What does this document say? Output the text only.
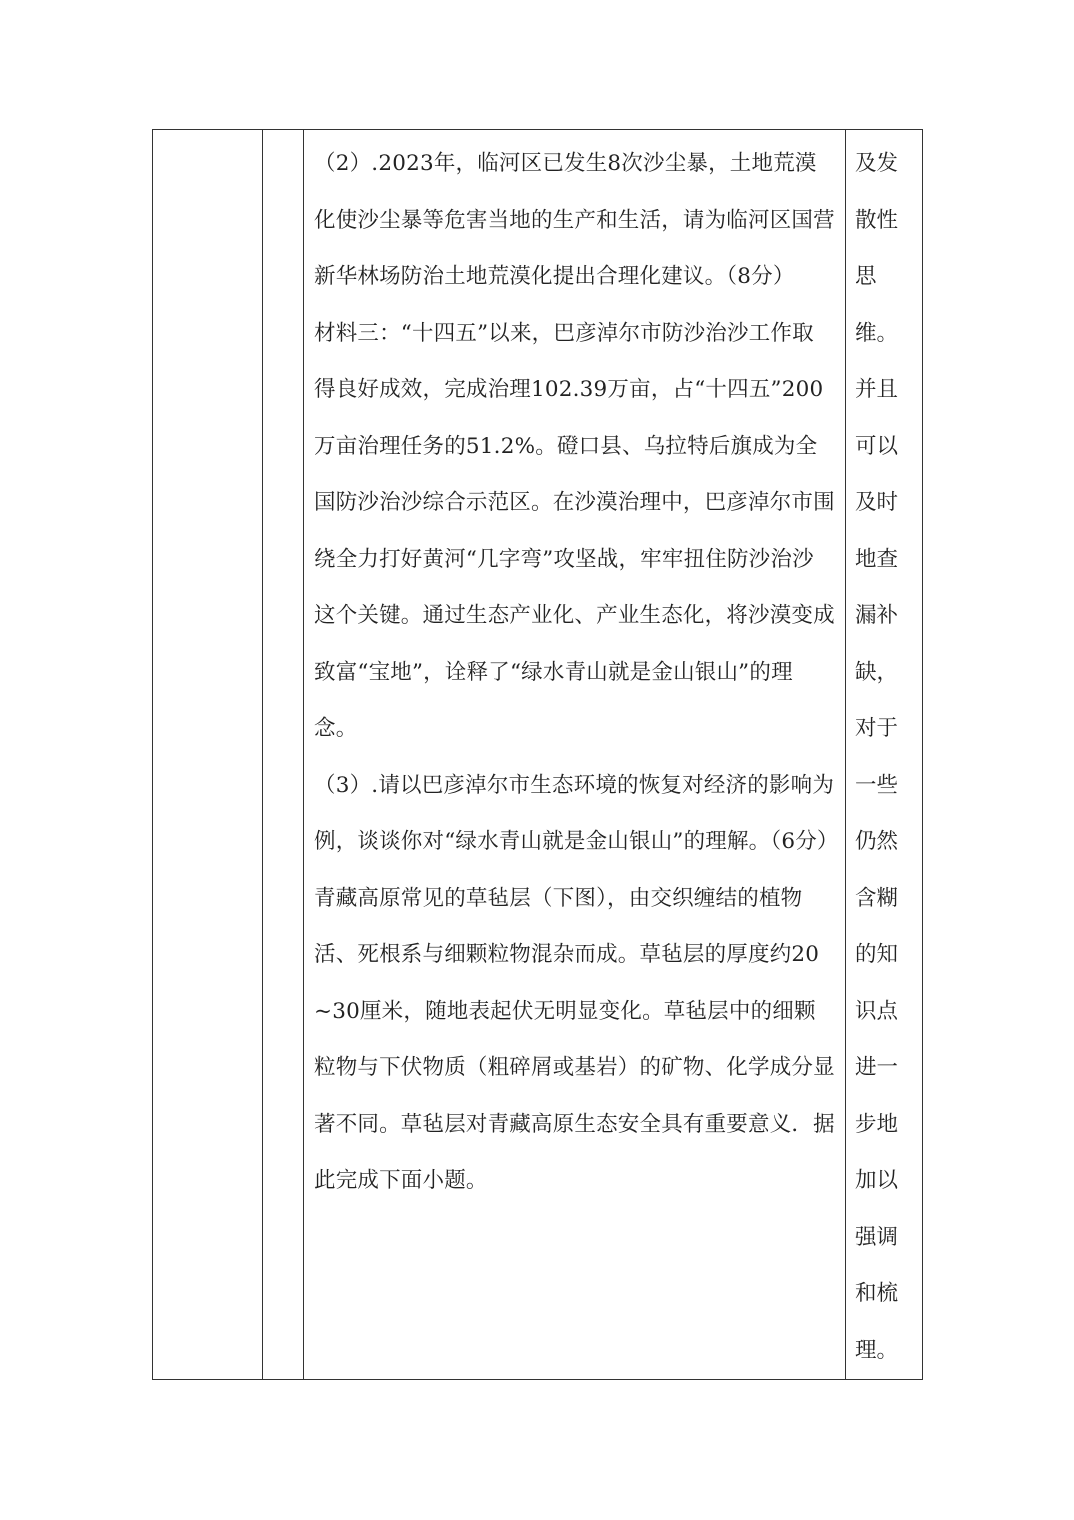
（2）.2023年，临河区已发生8次沙尘暴，土地荒漠化使沙尘暴等危害当地的生产和生活，请为临河区国营新华林场防治土地荒漠化提出合理化建议。（8分）

材料三：“十四五”以来，巴彦淖尔市防沙治沙工作取得良好成效，完成治理102.39万亩，占“十四五”200万亩治理任务的51.2%。磴口县、乌拉特后旗成为全国防沙治沙综合示范区。在沙漠治理中，巴彦淖尔市围绕全力打好黄河“几字弯”攻坚战，牢牢扭住防沙治沙这个关键。通过生态产业化、产业生态化，将沙漠变成致富“宝地”，诠释了“绿水青山就是金山银山”的理念。

（3）.请以巴彦淖尔市生态环境的恢复对经济的影响为例，谈谈你对“绿水青山就是金山银山”的理解。（6分）

青藏高原常见的草毡层（下图），由交织缠结的植物活、死根系与细颗粒物混杂而成。草毡层的厚度约20~30厘米，随地表起伏无明显变化。草毡层中的细颗粒物与下伏物质（粗碎屑或基岩）的矿物、化学成分显著不同。草毡层对青藏高原生态安全具有重要意义．据此完成下面小题。

及发
散性
思
维。
并且
可以
及时
地查
漏补
缺，
对于
一些
仍然
含糊
的知
识点
进一
步地
加以
强调
和梳
理。
